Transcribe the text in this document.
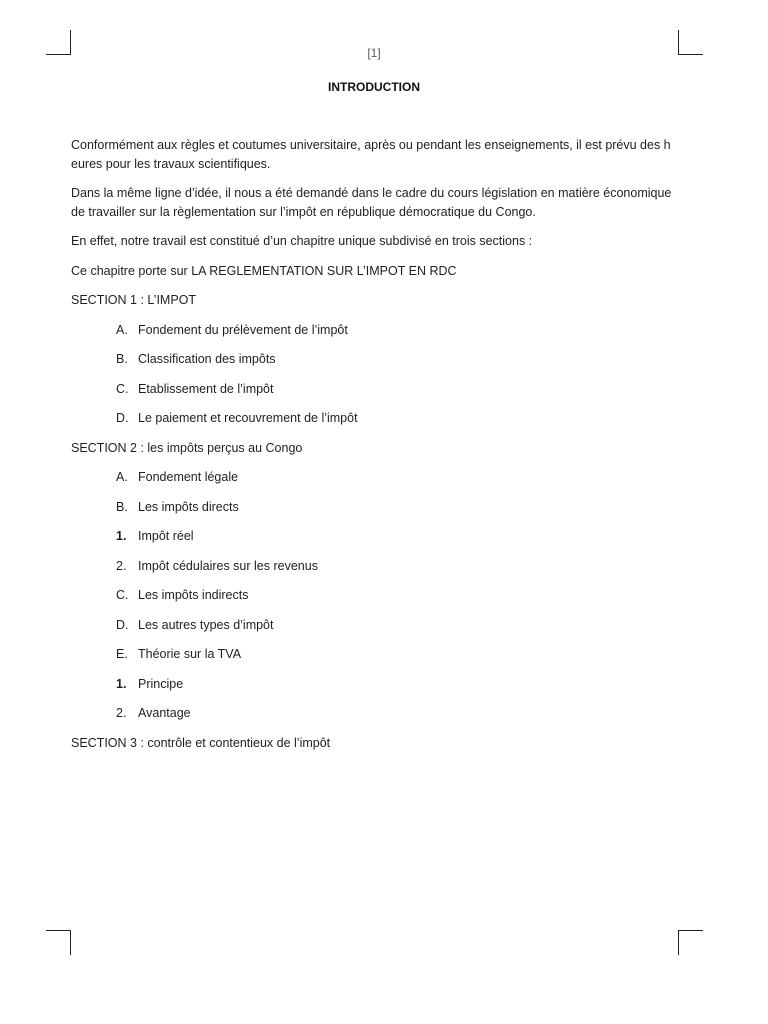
[1]
INTRODUCTION

Conformément aux règles et coutumes universitaire, après ou pendant les enseignements, il est prévu des heures pour les travaux scientifiques.

Dans la même ligne d’idée, il nous a été demandé dans le cadre du cours législation en matière économique de travailler sur la règlementation sur l’impôt en république démocratique du Congo.

En effet, notre travail est constitué d’un chapitre unique subdivisé en trois sections :

Ce chapitre porte sur LA REGLEMENTATION SUR L’IMPOT EN RDC

SECTION 1 : L’IMPOT

A. Fondement du prélèvement de l’impôt
B. Classification des impôts
C. Etablissement de l’impôt
D. Le paiement et recouvrement de l’impôt

SECTION 2 : les impôts perçus au Congo

A. Fondement légale
B. Les impôts directs
1. Impôt réel
2. Impôt cédulaires sur les revenus
C. Les impôts indirects
D. Les autres types d’impôt
E. Théorie sur la TVA
1. Principe
2. Avantage

SECTION 3 : contrôle et contentieux de l’impôt
